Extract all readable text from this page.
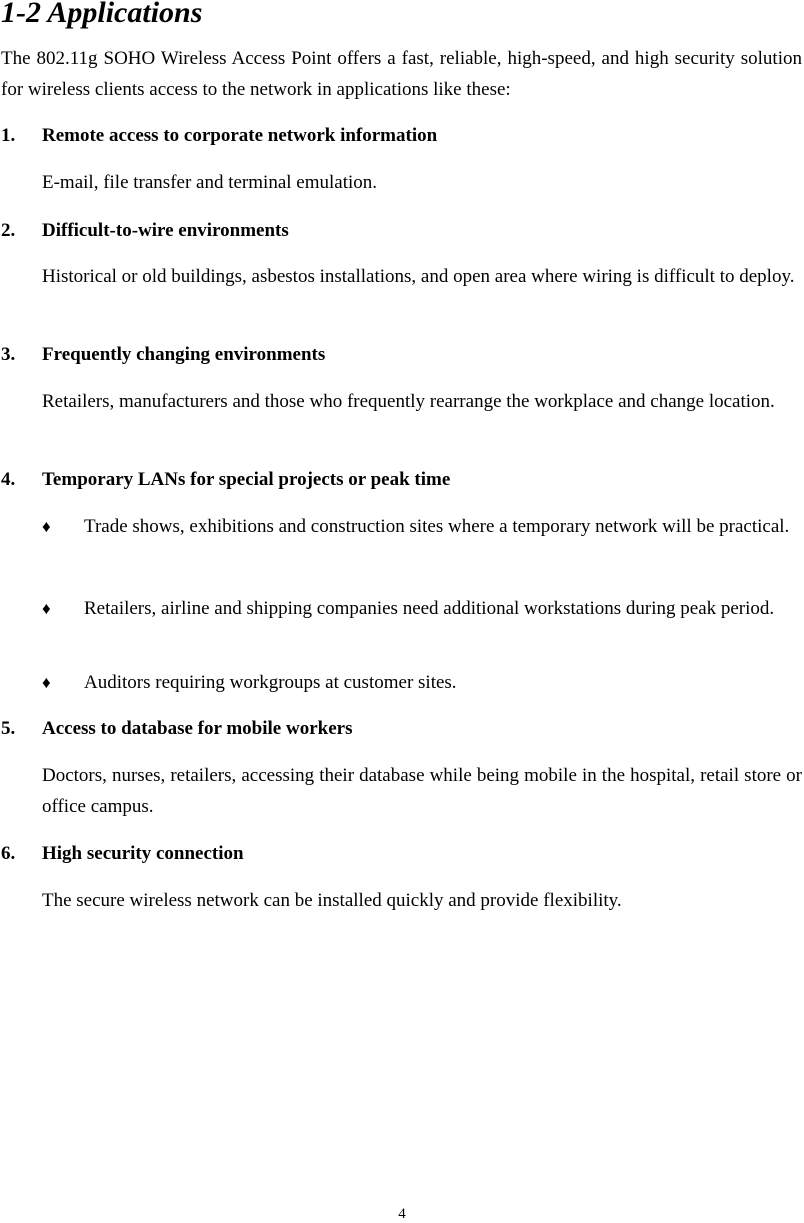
1-2 Applications

The 802.11g SOHO Wireless Access Point offers a fast, reliable, high-speed, and high security solution for wireless clients access to the network in applications like these:

1. Remote access to corporate network information

E-mail, file transfer and terminal emulation.

2. Difficult-to-wire environments

Historical or old buildings, asbestos installations, and open area where wiring is difficult to deploy.

3. Frequently changing environments

Retailers, manufacturers and those who frequently rearrange the workplace and change location.

4. Temporary LANs for special projects or peak time
♦	Trade shows, exhibitions and construction sites where a temporary network will be practical.
♦	Retailers, airline and shipping companies need additional workstations during peak period.
♦	Auditors requiring workgroups at customer sites.
5. Access to database for mobile workers

Doctors, nurses, retailers, accessing their database while being mobile in the hospital, retail store or office campus.

6. High security connection

The secure wireless network can be installed quickly and provide flexibility.

4
